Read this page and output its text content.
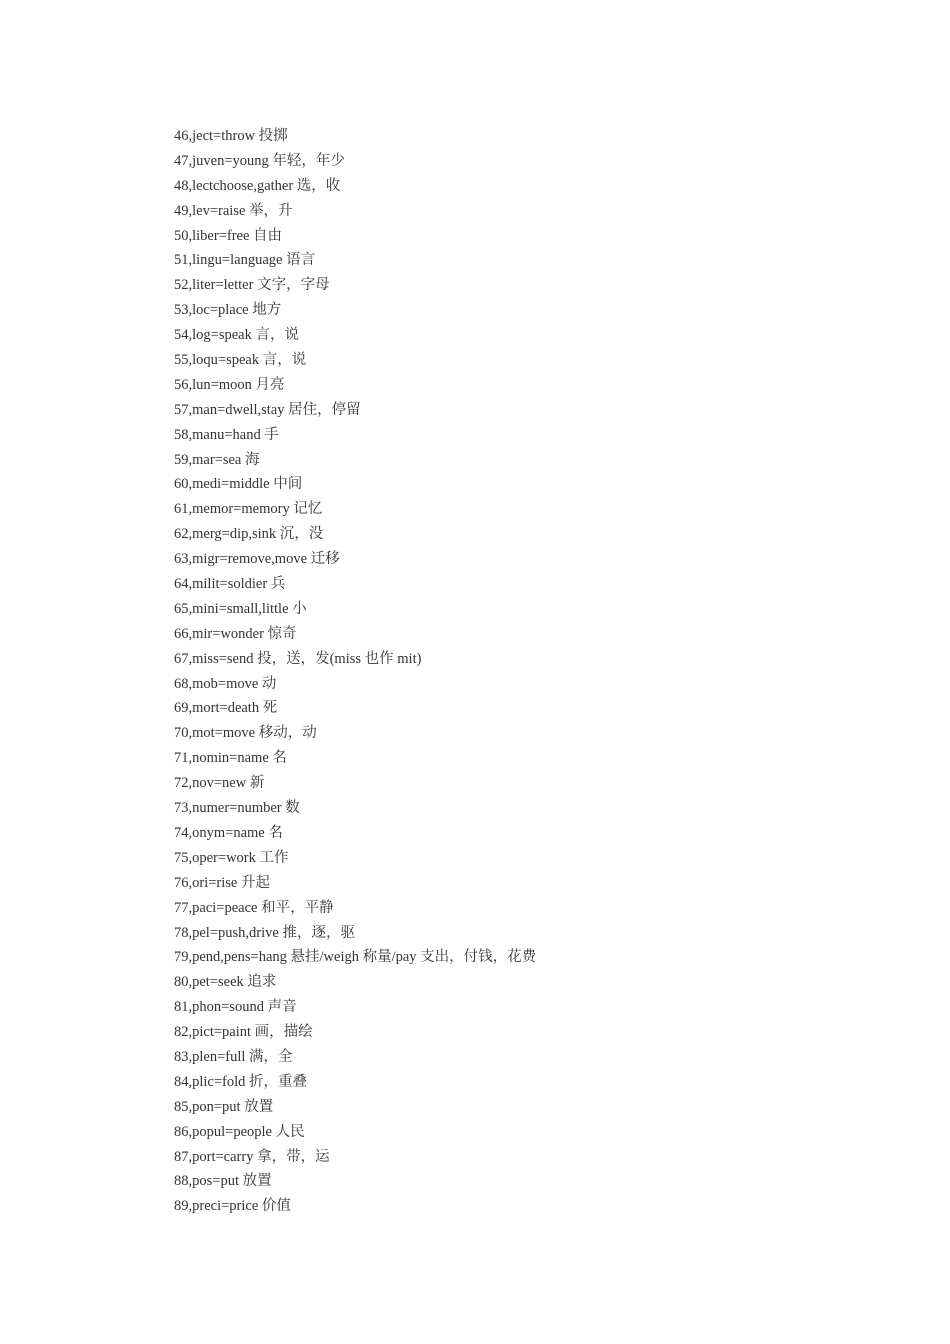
46,ject=throw 投掷
47,juven=young 年轻，年少
48,lectchoose,gather 选，收
49,lev=raise 举，升
50,liber=free 自由
51,lingu=language 语言
52,liter=letter 文字，字母
53,loc=place 地方
54,log=speak 言，说
55,loqu=speak 言，说
56,lun=moon 月亮
57,man=dwell,stay 居住，停留
58,manu=hand 手
59,mar=sea 海
60,medi=middle 中间
61,memor=memory 记忆
62,merg=dip,sink 沉，没
63,migr=remove,move 迁移
64,milit=soldier 兵
65,mini=small,little 小
66,mir=wonder 惊奇
67,miss=send 投，送，发(miss 也作 mit)
68,mob=move 动
69,mort=death 死
70,mot=move 移动，动
71,nomin=name 名
72,nov=new 新
73,numer=number 数
74,onym=name 名
75,oper=work 工作
76,ori=rise 升起
77,paci=peace 和平，平静
78,pel=push,drive 推，逐，驱
79,pend,pens=hang 悬挂/weigh 称量/pay 支出，付钱，花费
80,pet=seek 追求
81,phon=sound 声音
82,pict=paint 画，描绘
83,plen=full 满，全
84,plic=fold 折，重叠
85,pon=put 放置
86,popul=people 人民
87,port=carry 拿，带，运
88,pos=put 放置
89,preci=price 价值
